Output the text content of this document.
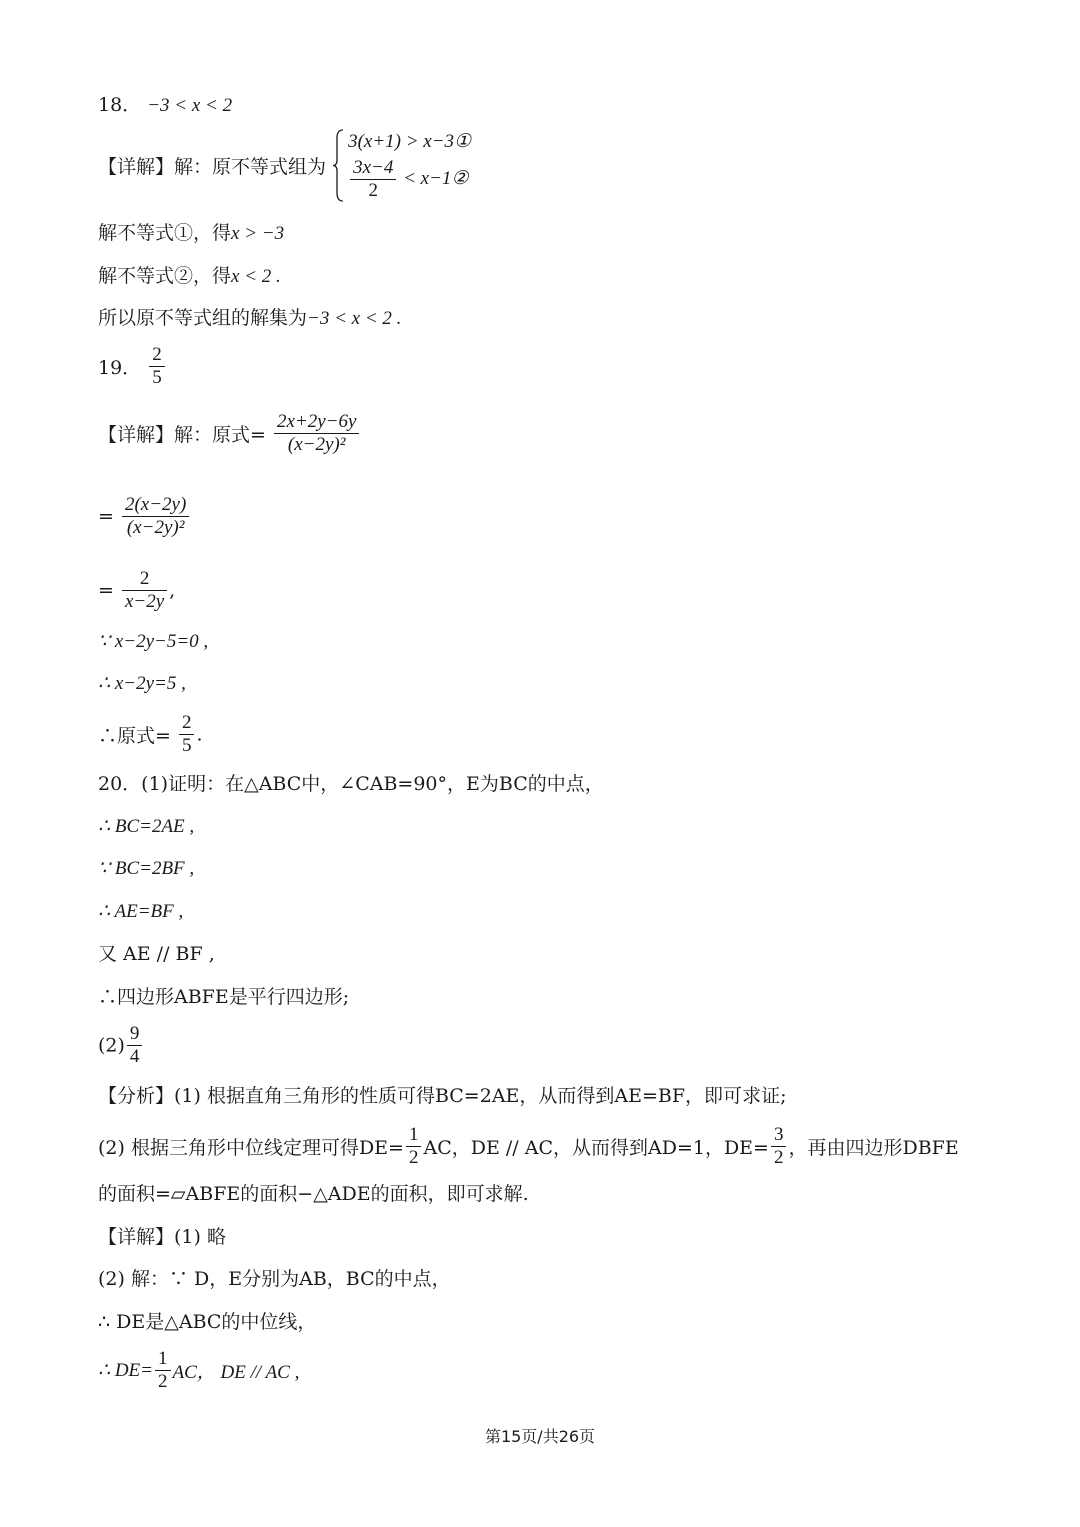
18． −3 < x < 2
【详解】解：原不等式组为
3(x+1) > x−3①
$\frac{3x-4}{2}$ < x−1②
解不等式①，得x > −3
解不等式②，得x < 2 .
所以原不等式组的解集为−3 < x < 2 .
19． $\frac{2}{5}$
【详解】解：原式= $\frac{2x+2y-6y}{\text{(x−2y)²}}$
= $\frac{2(x-2y)}{\text{(x−2y)²}}$
= $\frac{2}{x-2y}$ ,
∵ x−2y−5=0 ,
∴ x−2y=5 ,
∴原式= $\frac{2}{5}$ .
20．(1)证明：在△ABC中，∠CAB=90°，E为BC的中点，
∴ BC=2AE ,
∵ BC=2BF ,
∴ AE=BF ,
又 AE // BF ,
∴四边形ABFE是平行四边形;
$(2) \frac{9}{4}$
【分析】(1) 根据直角三角形的性质可得BC=2AE，从而得到AE=BF，即可求证;
(2) 根据三角形中位线定理可得$DE= \frac{1}{2}$ AC，DE // AC，从而得到AD=1，$DE= \frac{3}{2}$ ，再由四边形DBFE
的面积=▱ABFE的面积−△ADE的面积，即可求解.
【详解】(1) 略
(2) 解：∵ D，E分别为AB，BC的中点，
∴ DE是△ABC的中位线，
∴ $DE= \frac{1}{2}$ AC， DE // AC ,
第15页/共26页
